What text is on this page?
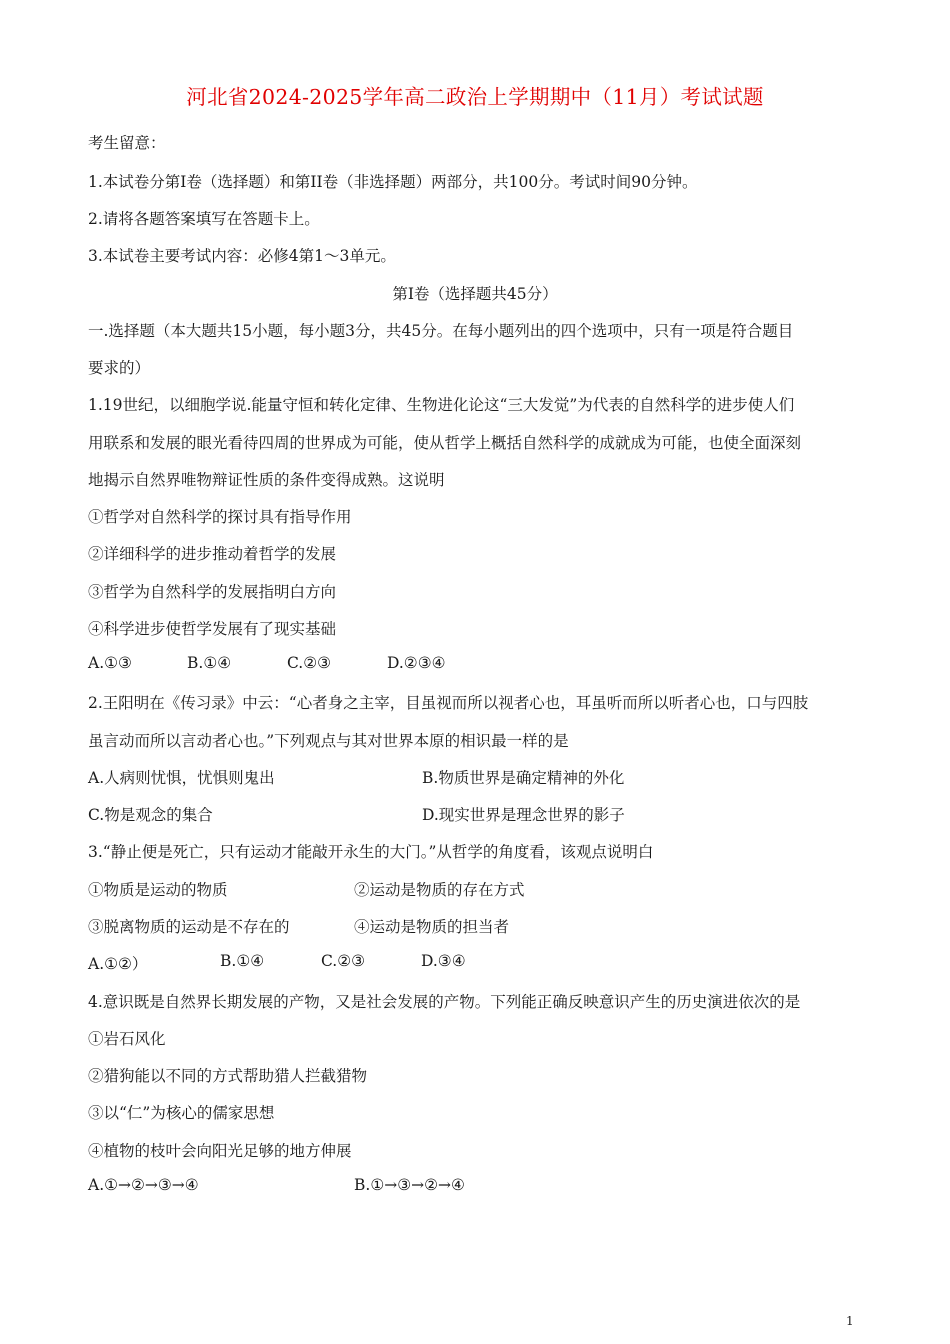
河北省2024-2025学年高二政治上学期期中（11月）考试试题
考生留意：
1.本试卷分第Ⅰ卷（选择题）和第II卷（非选择题）两部分，共100分。考试时间90分钟。
2.请将各题答案填写在答题卡上。
3.本试卷主要考试内容：必修4第1～3单元。
第Ⅰ卷（选择题共45分）
一.选择题（本大题共15小题，每小题3分，共45分。在每小题列出的四个选项中，只有一项是符合题目
要求的）
1.19世纪，以细胞学说.能量守恒和转化定律、生物进化论这“三大发觉”为代表的自然科学的进步使人们
用联系和发展的眼光看待四周的世界成为可能，使从哲学上概括自然科学的成就成为可能，也使全面深刻
地揭示自然界唯物辩证性质的条件变得成熟。这说明
①哲学对自然科学的探讨具有指导作用
②详细科学的进步推动着哲学的发展
③哲学为自然科学的发展指明白方向
④科学进步使哲学发展有了现实基础
A.①③	B.①④	C.②③	D.②③④
2.王阳明在《传习录》中云：“心者身之主宰，目虽视而所以视者心也，耳虽听而所以听者心也，口与四肢
虽言动而所以言动者心也。”下列观点与其对世界本原的相识最一样的是
A.人病则忧惧，忧惧则鬼出	B.物质世界是确定精神的外化
C.物是观念的集合	D.现实世界是理念世界的影子
3.“静止便是死亡，只有运动才能敲开永生的大门。”从哲学的角度看，该观点说明白
①物质是运动的物质	②运动是物质的存在方式
③脱离物质的运动是不存在的	④运动是物质的担当者
A.①②）	B.①④	C.②③	D.③④
4.意识既是自然界长期发展的产物，又是社会发展的产物。下列能正确反映意识产生的历史演进依次的是
①岩石风化
②猎狗能以不同的方式帮助猎人拦截猎物
③以“仁”为核心的儒家思想
④植物的枝叶会向阳光足够的地方伸展
A.①→②→③→④	B.①→③→②→④
1
